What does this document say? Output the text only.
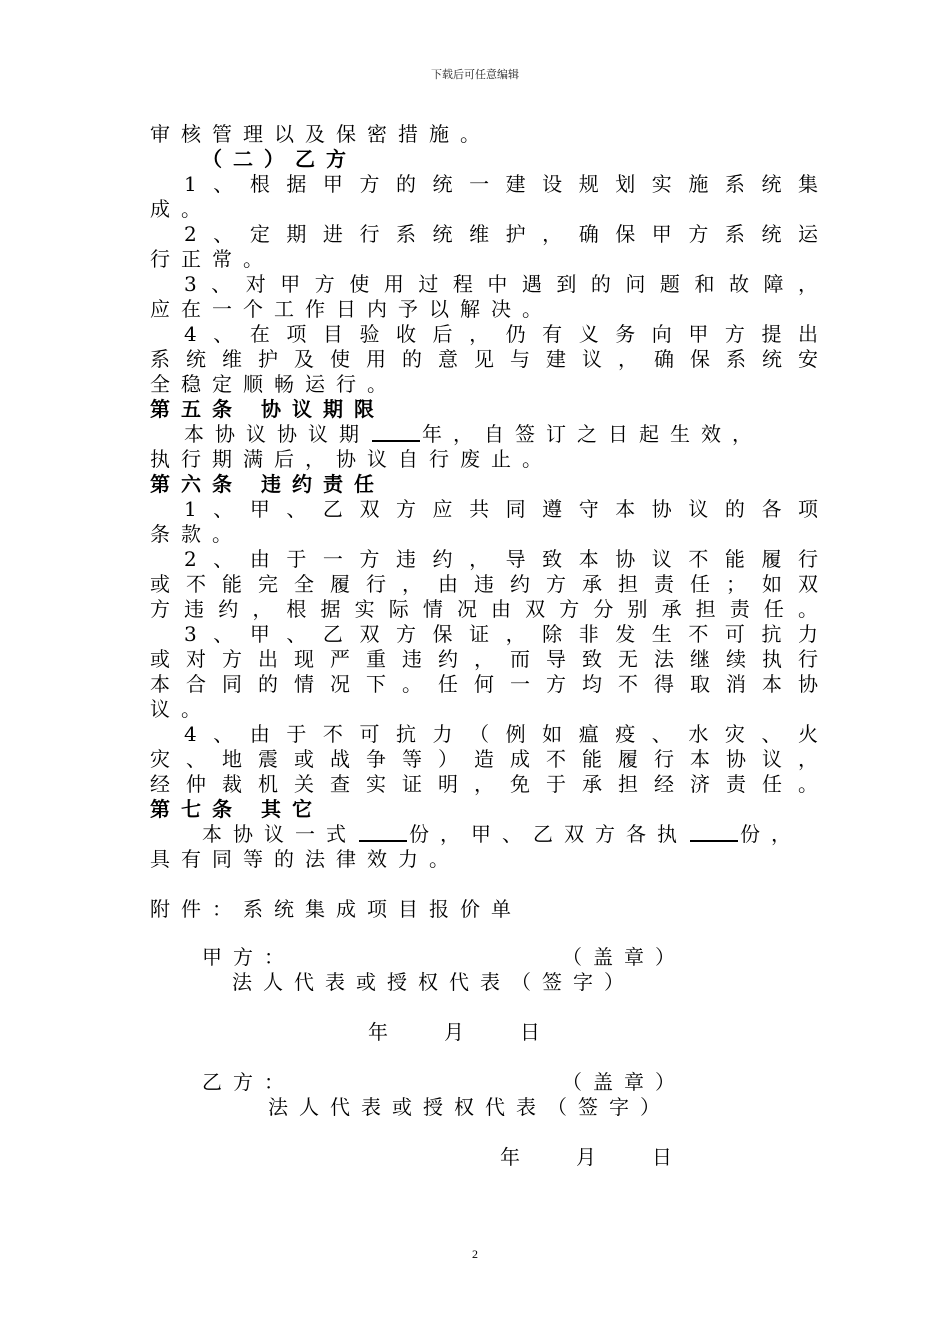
下载后可任意编辑
审核管理以及保密措施。
（二）乙方
1、根据甲方的统一建设规划实施系统集
成。
2、定期进行系统维护，确保甲方系统运
行正常。
3、对甲方使用过程中遇到的问题和故障，
应在一个工作日内予以解决。
4、在项目验收后，仍有义务向甲方提出
系统维护及使用的意见与建议，确保系统安
全稳定顺畅运行。
第五条 协议期限
本协议协议期	年，自签订之日起生效，
执行期满后，协议自行废止。
第六条 违约责任
1、甲、乙双方应共同遵守本协议的各项
条款。
2、由于一方违约，导致本协议不能履行
或不能完全履行，由违约方承担责任；如双
方违约，根据实际情况由双方分别承担责任。
3、甲、乙双方保证，除非发生不可抗力
或对方出现严重违约，而导致无法继续执行
本合同的情况下。任何一方均不得取消本协
议。
4、由于不可抗力（例如瘟疫、水灾、火
灾、地震或战争等）造成不能履行本协议，
经仲裁机关查实证明，免于承担经济责任。
第七条 其它
本协议一式	份，甲、乙双方各执	份，
具有同等的法律效力。
附件：系统集成项目报价单
甲方：	（盖章）
法人代表或授权代表（签字）
年	月	日
乙方：	（盖章）
法人代表或授权代表（签字）
年	月	日
2
